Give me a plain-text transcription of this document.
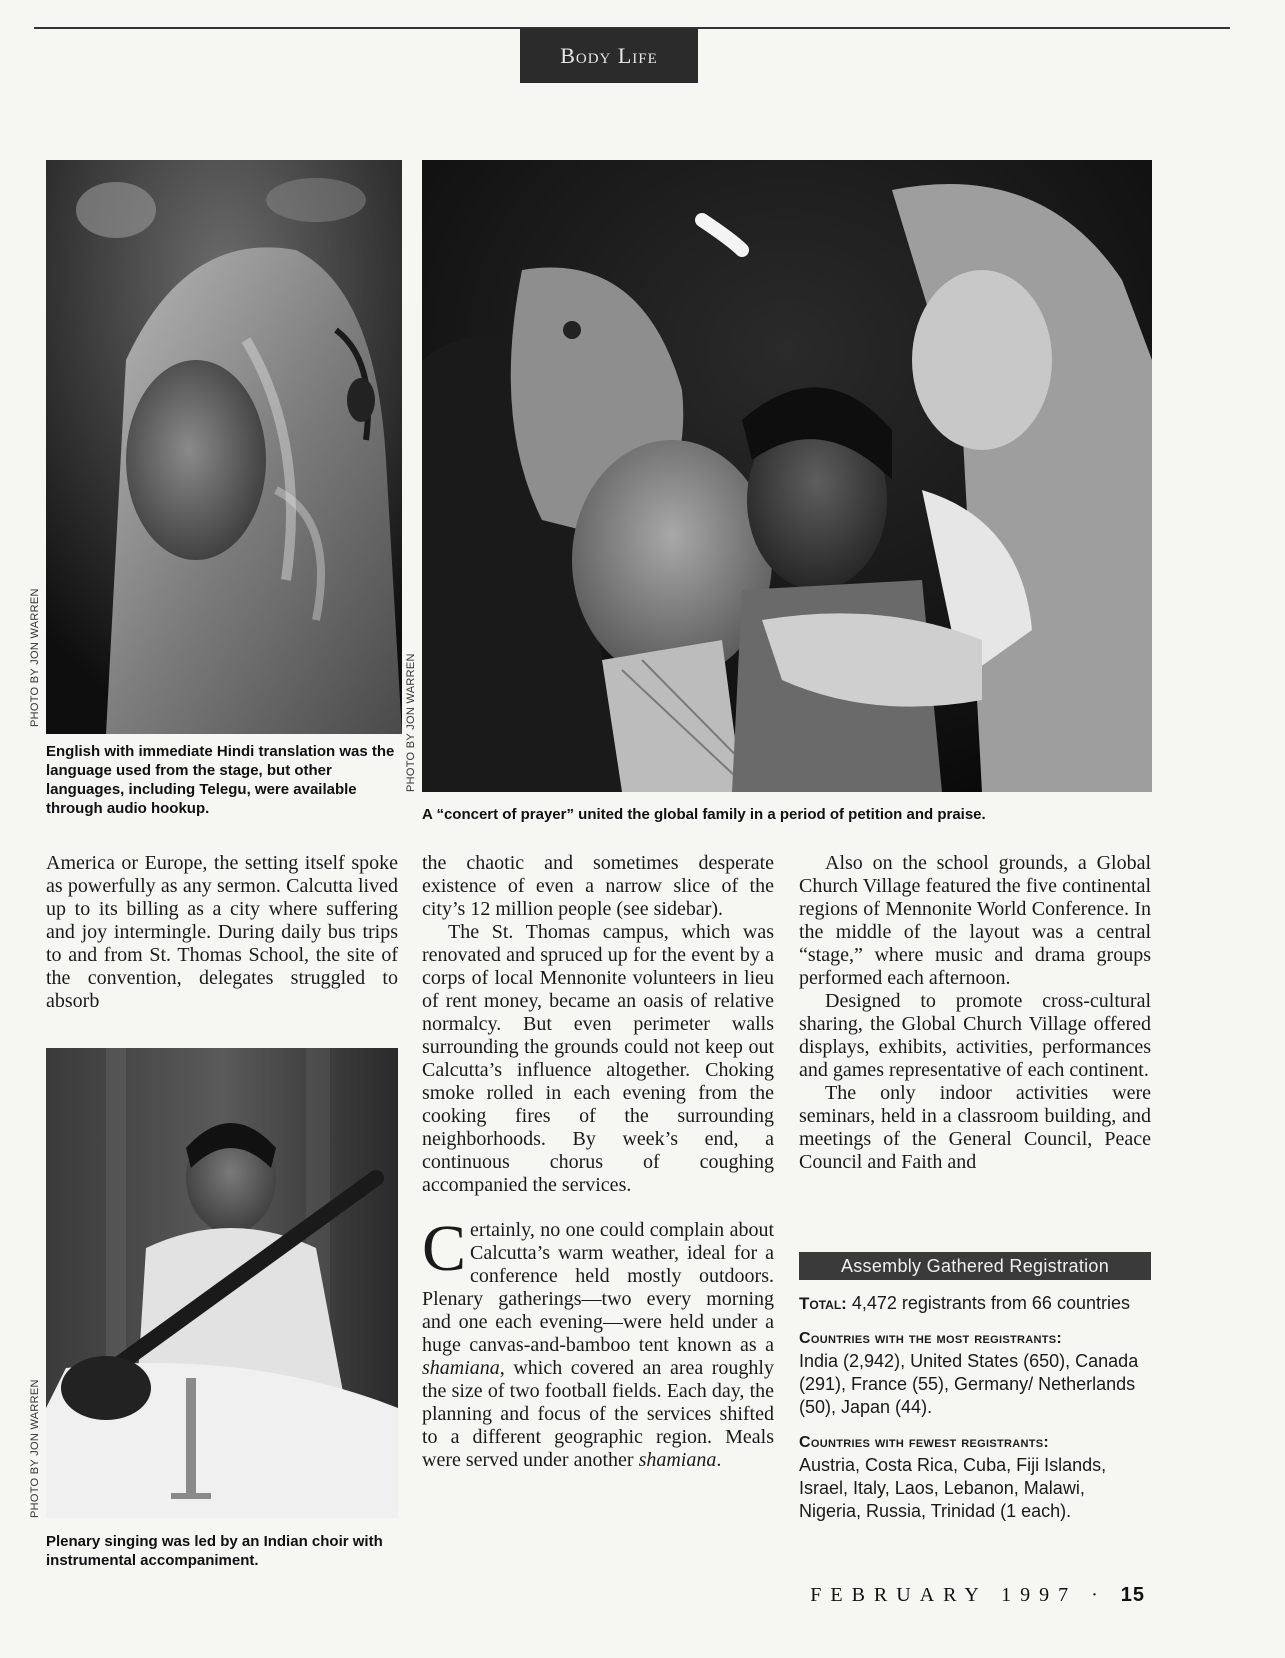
Body Life
PHOTO BY JON WARREN
English with immediate Hindi translation was the language used from the stage, but other languages, including Telegu, were available through audio hookup.
PHOTO BY JON WARREN
A “concert of prayer” united the global family in a period of petition and praise.

America or Europe, the setting itself spoke as powerfully as any sermon. Calcutta lived up to its billing as a city where suffering and joy intermingle. During daily bus trips to and from St. Thomas School, the site of the convention, delegates struggled to absorb

PHOTO BY JON WARREN
Plenary singing was led by an Indian choir with instrumental accompaniment.

the chaotic and sometimes desperate existence of even a narrow slice of the city’s 12 million people (see sidebar).

The St. Thomas campus, which was renovated and spruced up for the event by a corps of local Mennonite volunteers in lieu of rent money, became an oasis of relative normalcy. But even perimeter walls surrounding the grounds could not keep out Calcutta’s influence altogether. Choking smoke rolled in each evening from the cooking fires of the surrounding neighborhoods. By week’s end, a continuous chorus of coughing accompanied the services.

Certainly, no one could complain about Calcutta’s warm weather, ideal for a conference held mostly outdoors. Plenary gatherings—two every morning and one each evening—were held under a huge canvas-and-bamboo tent known as a shamiana, which covered an area roughly the size of two football fields. Each day, the planning and focus of the services shifted to a different geographic region. Meals were served under another shamiana.

Also on the school grounds, a Global Church Village featured the five continental regions of Mennonite World Conference. In the middle of the layout was a central “stage,” where music and drama groups performed each afternoon.

Designed to promote cross-cultural sharing, the Global Church Village offered displays, exhibits, activities, performances and games representative of each continent.

The only indoor activities were seminars, held in a classroom building, and meetings of the General Council, Peace Council and Faith and

Assembly Gathered Registration
Total: 4,472 registrants from 66 countries
Countries with the most registrants:
India (2,942), United States (650), Canada (291), France (55), Germany/ Netherlands (50), Japan (44).
Countries with fewest registrants:
Austria, Costa Rica, Cuba, Fiji Islands, Israel, Italy, Laos, Lebanon, Malawi, Nigeria, Russia, Trinidad (1 each).
FEBRUARY 1997 · 15
